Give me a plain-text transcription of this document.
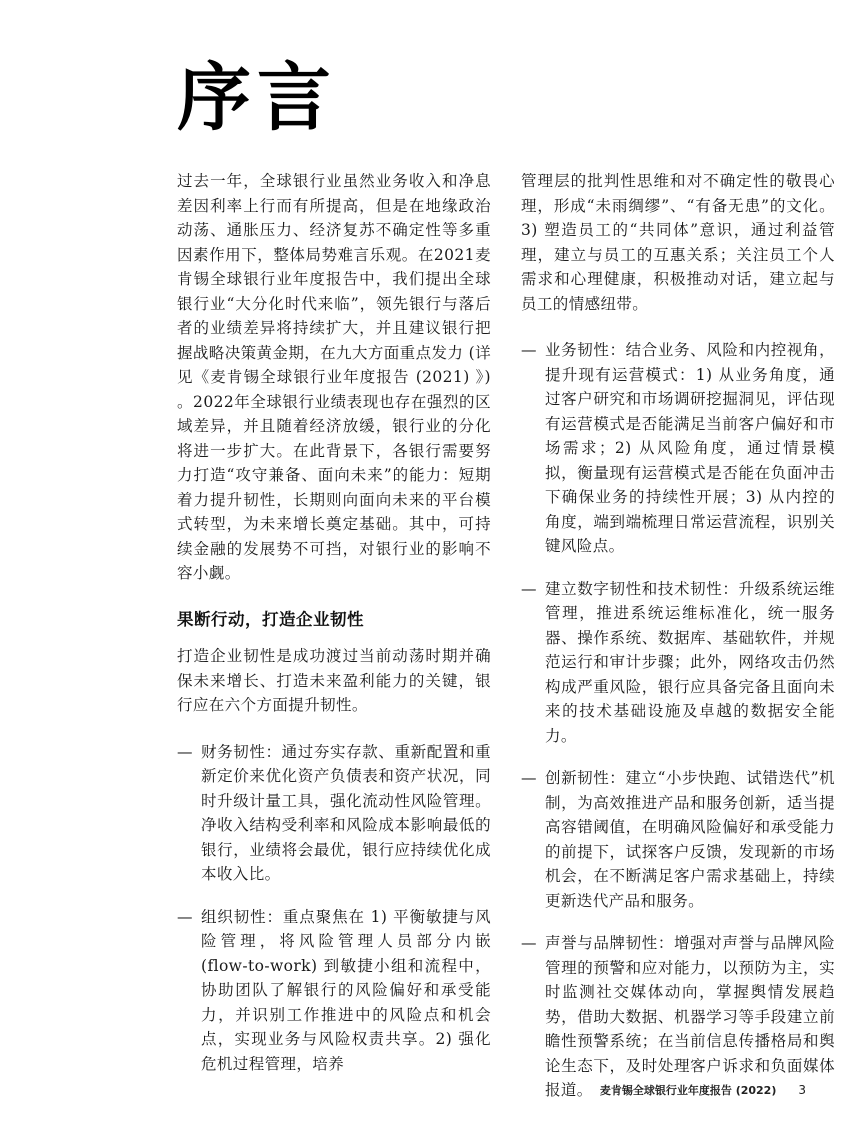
序言

过去一年，全球银行业虽然业务收入和净息差因利率上行而有所提高，但是在地缘政治动荡、通胀压力、经济复苏不确定性等多重因素作用下，整体局势难言乐观。在2021麦肯锡全球银行业年度报告中，我们提出全球银行业“大分化时代来临”，领先银行与落后者的业绩差异将持续扩大，并且建议银行把握战略决策黄金期，在九大方面重点发力 (详见《麦肯锡全球银行业年度报告 (2021) 》) 。2022年全球银行业绩表现也存在强烈的区域差异，并且随着经济放缓，银行业的分化将进一步扩大。在此背景下，各银行需要努力打造“攻守兼备、面向未来”的能力：短期着力提升韧性，长期则向面向未来的平台模式转型，为未来增长奠定基础。其中，可持续金融的发展势不可挡，对银行业的影响不容小觑。

果断行动，打造企业韧性

打造企业韧性是成功渡过当前动荡时期并确保未来增长、打造未来盈利能力的关键，银行应在六个方面提升韧性。

— 财务韧性：通过夯实存款、重新配置和重新定价来优化资产负债表和资产状况，同时升级计量工具，强化流动性风险管理。净收入结构受利率和风险成本影响最低的银行，业绩将会最优，银行应持续优化成本收入比。
— 组织韧性：重点聚焦在 1) 平衡敏捷与风险管理，将风险管理人员部分内嵌 (flow-to-work) 到敏捷小组和流程中，协助团队了解银行的风险偏好和承受能力，并识别工作推进中的风险点和机会点，实现业务与风险权责共享。2) 强化危机过程管理，培养

管理层的批判性思维和对不确定性的敬畏心理，形成“未雨绸缪”、“有备无患”的文化。3) 塑造员工的“共同体”意识，通过利益管理，建立与员工的互惠关系；关注员工个人需求和心理健康，积极推动对话，建立起与员工的情感纽带。

— 业务韧性：结合业务、风险和内控视角，提升现有运营模式：1) 从业务角度，通过客户研究和市场调研挖掘洞见，评估现有运营模式是否能满足当前客户偏好和市场需求；2) 从风险角度，通过情景模拟，衡量现有运营模式是否能在负面冲击下确保业务的持续性开展；3) 从内控的角度，端到端梳理日常运营流程，识别关键风险点。
— 建立数字韧性和技术韧性：升级系统运维管理，推进系统运维标准化，统一服务器、操作系统、数据库、基础软件，并规范运行和审计步骤；此外，网络攻击仍然构成严重风险，银行应具备完备且面向未来的技术基础设施及卓越的数据安全能力。
— 创新韧性：建立“小步快跑、试错迭代”机制，为高效推进产品和服务创新，适当提高容错阈值，在明确风险偏好和承受能力的前提下，试探客户反馈，发现新的市场机会，在不断满足客户需求基础上，持续更新迭代产品和服务。
— 声誉与品牌韧性：增强对声誉与品牌风险管理的预警和应对能力，以预防为主，实时监测社交媒体动向，掌握舆情发展趋势，借助大数据、机器学习等手段建立前瞻性预警系统；在当前信息传播格局和舆论生态下，及时处理客户诉求和负面媒体报道。 麦肯锡全球银行业年度报告 (2022) 3
